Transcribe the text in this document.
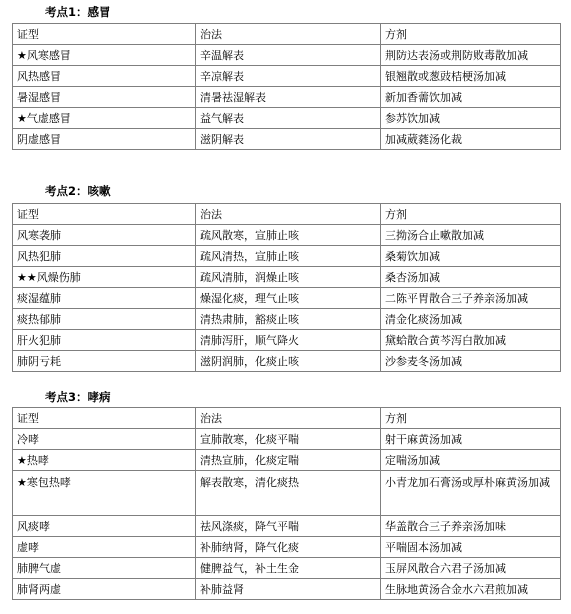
考点1：感冒
证型	治法	方剂
★风寒感冒	辛温解表	荆防达表汤或荆防败毒散加减
风热感冒	辛凉解表	银翘散或葱豉桔梗汤加减
暑湿感冒	清暑祛湿解表	新加香薷饮加减
★气虚感冒	益气解表	参苏饮加减
阴虚感冒	滋阴解表	加减葳蕤汤化裁
考点2：咳嗽
证型	治法	方剂
风寒袭肺	疏风散寒，宣肺止咳	三拗汤合止嗽散加减
风热犯肺	疏风清热，宣肺止咳	桑菊饮加减
★★风燥伤肺	疏风清肺，润燥止咳	桑杏汤加减
痰湿蕴肺	燥湿化痰，理气止咳	二陈平胃散合三子养亲汤加减
痰热郁肺	清热肃肺，豁痰止咳	清金化痰汤加减
肝火犯肺	清肺泻肝，顺气降火	黛蛤散合黄芩泻白散加减
肺阴亏耗	滋阴润肺，化痰止咳	沙参麦冬汤加减
考点3：哮病
证型	治法	方剂
冷哮	宣肺散寒，化痰平喘	射干麻黄汤加减
★热哮	清热宣肺，化痰定喘	定喘汤加减
★寒包热哮	解表散寒，清化痰热	小青龙加石膏汤或厚朴麻黄汤加减
风痰哮	祛风涤痰，降气平喘	华盖散合三子养亲汤加味
虚哮	补肺纳肾，降气化痰	平喘固本汤加减
肺脾气虚	健脾益气，补土生金	玉屏风散合六君子汤加减
肺肾两虚	补肺益肾	生脉地黄汤合金水六君煎加减
